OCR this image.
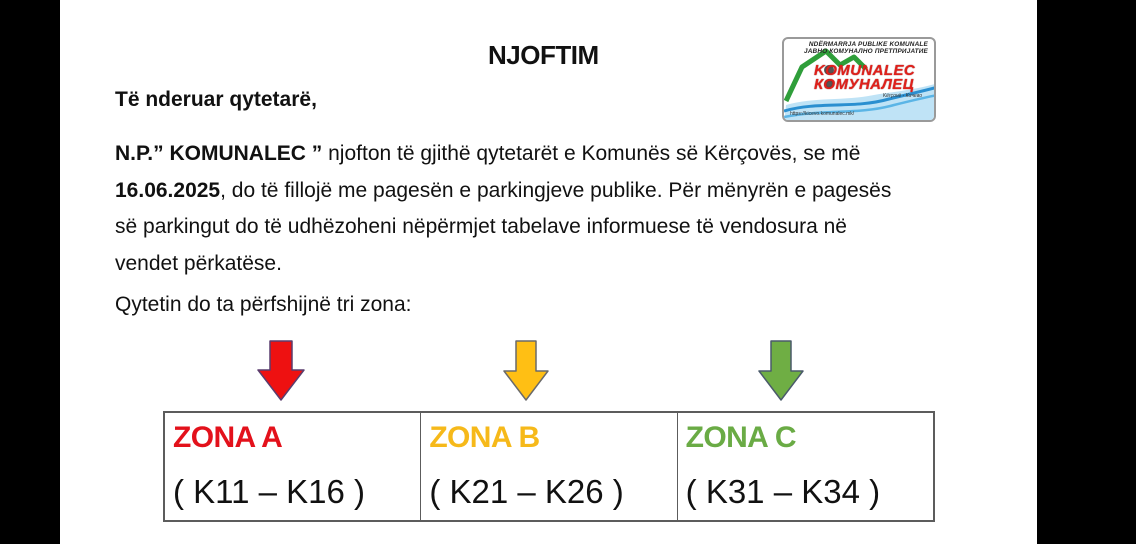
NJOFTIM	NDËRMARRJA PUBLIKE KOMUNALE
ЈАВНО КОМУНАЛНО ПРЕТПРИЈАТИЕ
KOMUNALEC
КОМУНАЛЕЦ
Kërçovë - Кичево
https://kicevo.komunalec.mk/
Të nderuar qytetarë,
N.P.” KOMUNALEC ” njofton të gjithë qytetarët e Komunës së Kërçovës, se më
16.06.2025, do të fillojë me pagesën e parkingjeve publike. Për mënyrën e pagesës
së parkingut do të udhëzoheni nëpërmjet tabelave informuese të vendosura në
vendet përkatëse.
Qytetin do ta përfshijnë tri zona:
ZONA A
( K11 – K16 )
ZONA B
( K21 – K26 )
ZONA C
( K31 – K34 )
